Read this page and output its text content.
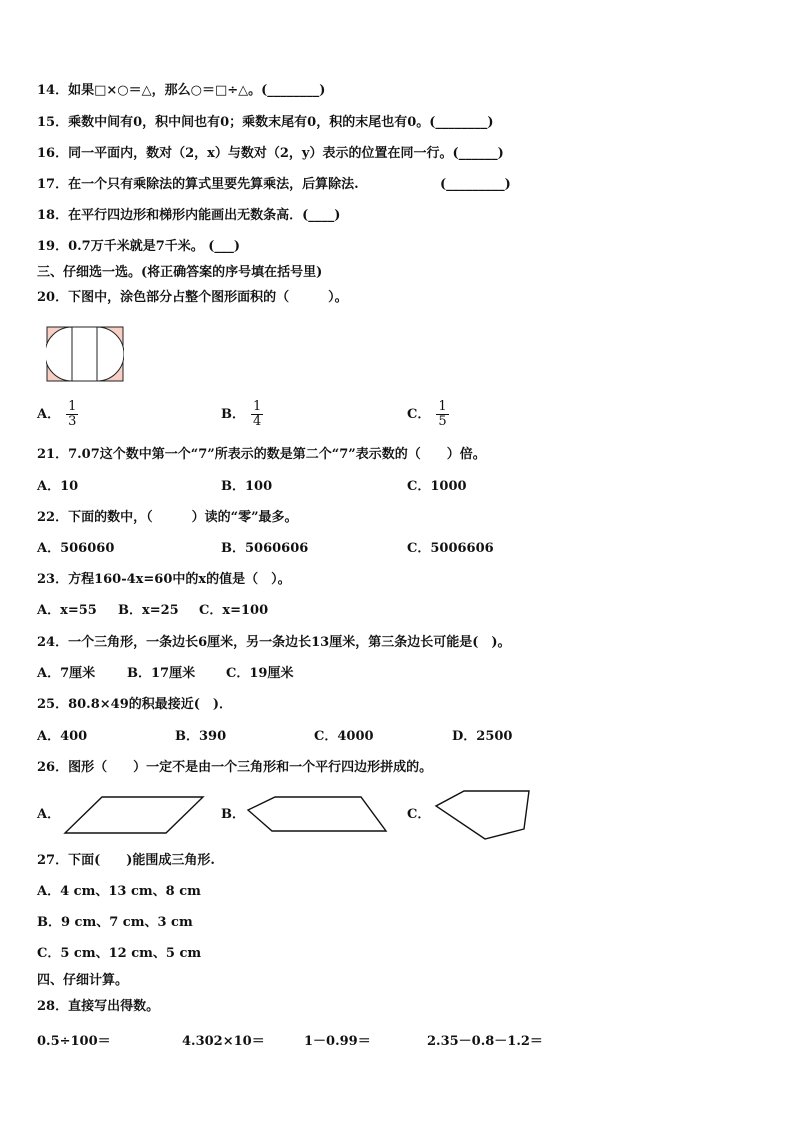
14．如果□×○＝△，那么○＝□÷△。(________)
15．乘数中间有0，积中间也有0；乘数末尾有0，积的末尾也有0。(________)
16．同一平面内，数对（2，x）与数对（2，y）表示的位置在同一行。(______)
17．在一个只有乘除法的算式里要先算乘法，后算除法.	(_________)
18．在平行四边形和梯形内能画出无数条高．(____)
19．0.7万千米就是7千米。 (___)
三、仔细选一选。(将正确答案的序号填在括号里)
20．下图中，涂色部分占整个图形面积的（　　　）。
A． $\frac{1}{3}$	B． $\frac{1}{4}$	C． $\frac{1}{5}$
21．7.07这个数中第一个“7”所表示的数是第二个“7”表示数的（　　）倍。
A．10	B．100	C．1000
22．下面的数中，（　　　）读的“零”最多。
A．506060	B．5060606	C．5006606
23．方程160-4x=60中的x的值是（　）。
A．x=55 B．x=25 C．x=100
24．一个三角形，一条边长6厘米，另一条边长13厘米，第三条边长可能是(　)。
A．7厘米 B．17厘米 C．19厘米
25．80.8×49的积最接近(　)．
A．400	B．390	C．4000	D．2500
26．图形（　　）一定不是由一个三角形和一个平行四边形拼成的。
A．	B．	C．
27．下面(　　)能围成三角形.
A．4 cm、13 cm、8 cm
B．9 cm、7 cm、3 cm
C．5 cm、12 cm、5 cm
四、仔细计算。
28．直接写出得数。
0.5÷100＝	4.302×10＝	1－0.99＝	2.35－0.8－1.2＝
